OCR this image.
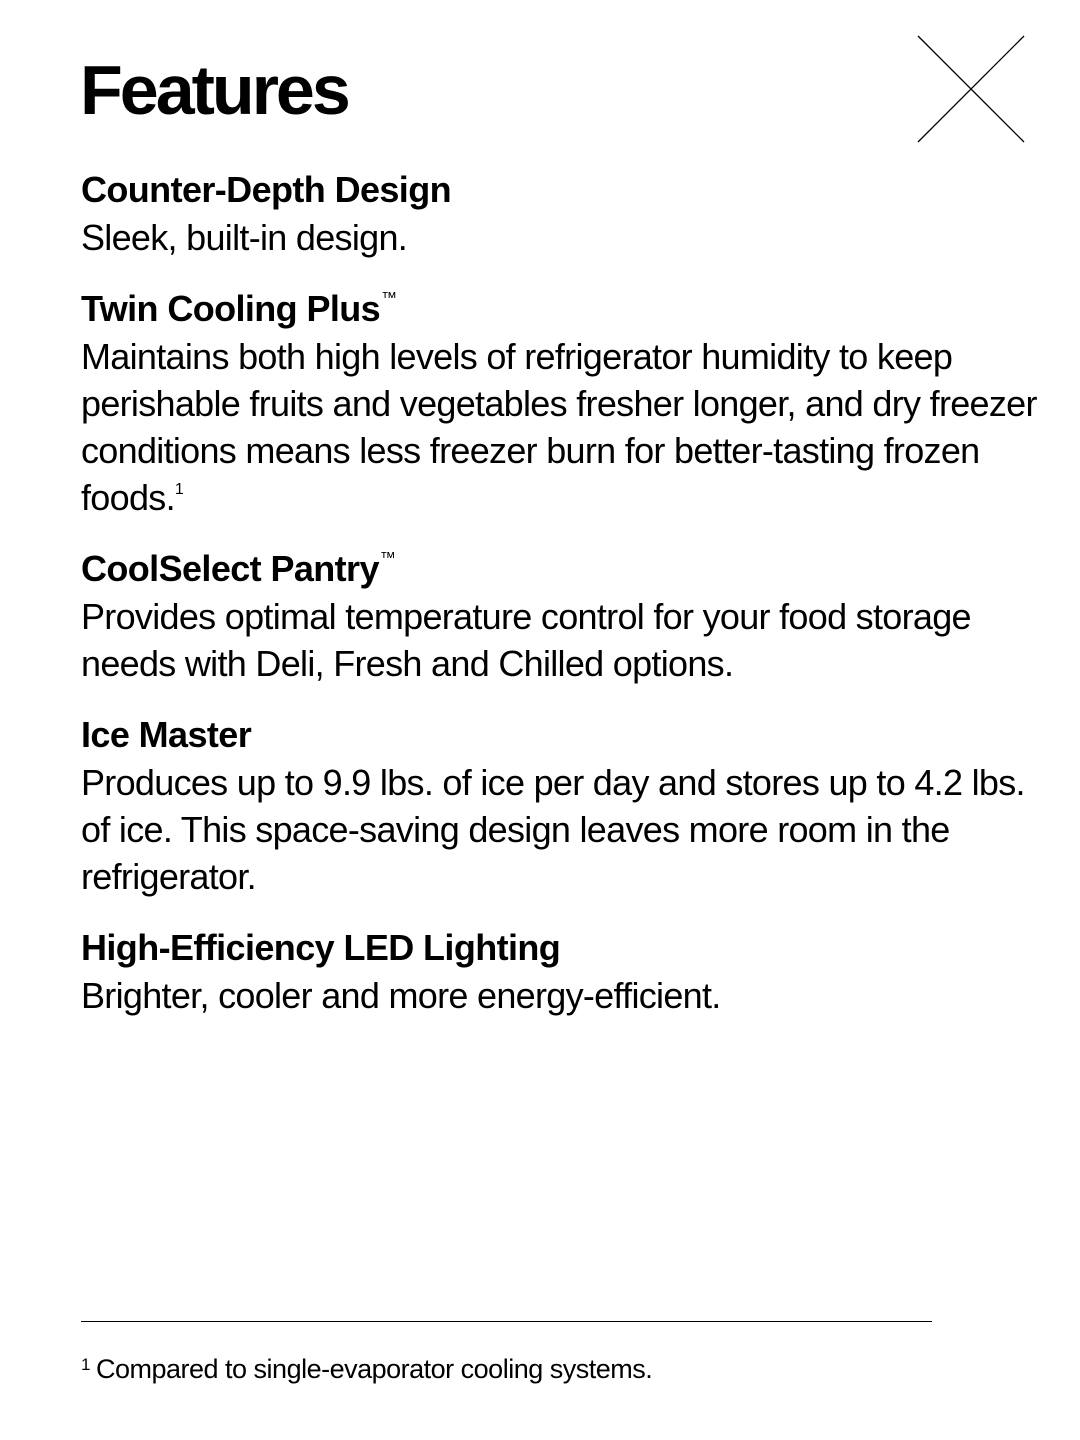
Features
Counter-Depth Design

Sleek, built-in design.

Twin Cooling Plus™

Maintains both high levels of refrigerator humidity to keep perishable fruits and vegetables fresher longer, and dry freezer conditions means less freezer burn for better-tasting frozen foods.$^1$

CoolSelect Pantry™

Provides optimal temperature control for your food storage needs with Deli, Fresh and Chilled options.

Ice Master

Produces up to 9.9 lbs. of ice per day and stores up to 4.2 lbs. of ice. This space-saving design leaves more room in the refrigerator.

High-Efficiency LED Lighting

Brighter, cooler and more energy-efficient.

$^1$ Compared to single-evaporator cooling systems.
